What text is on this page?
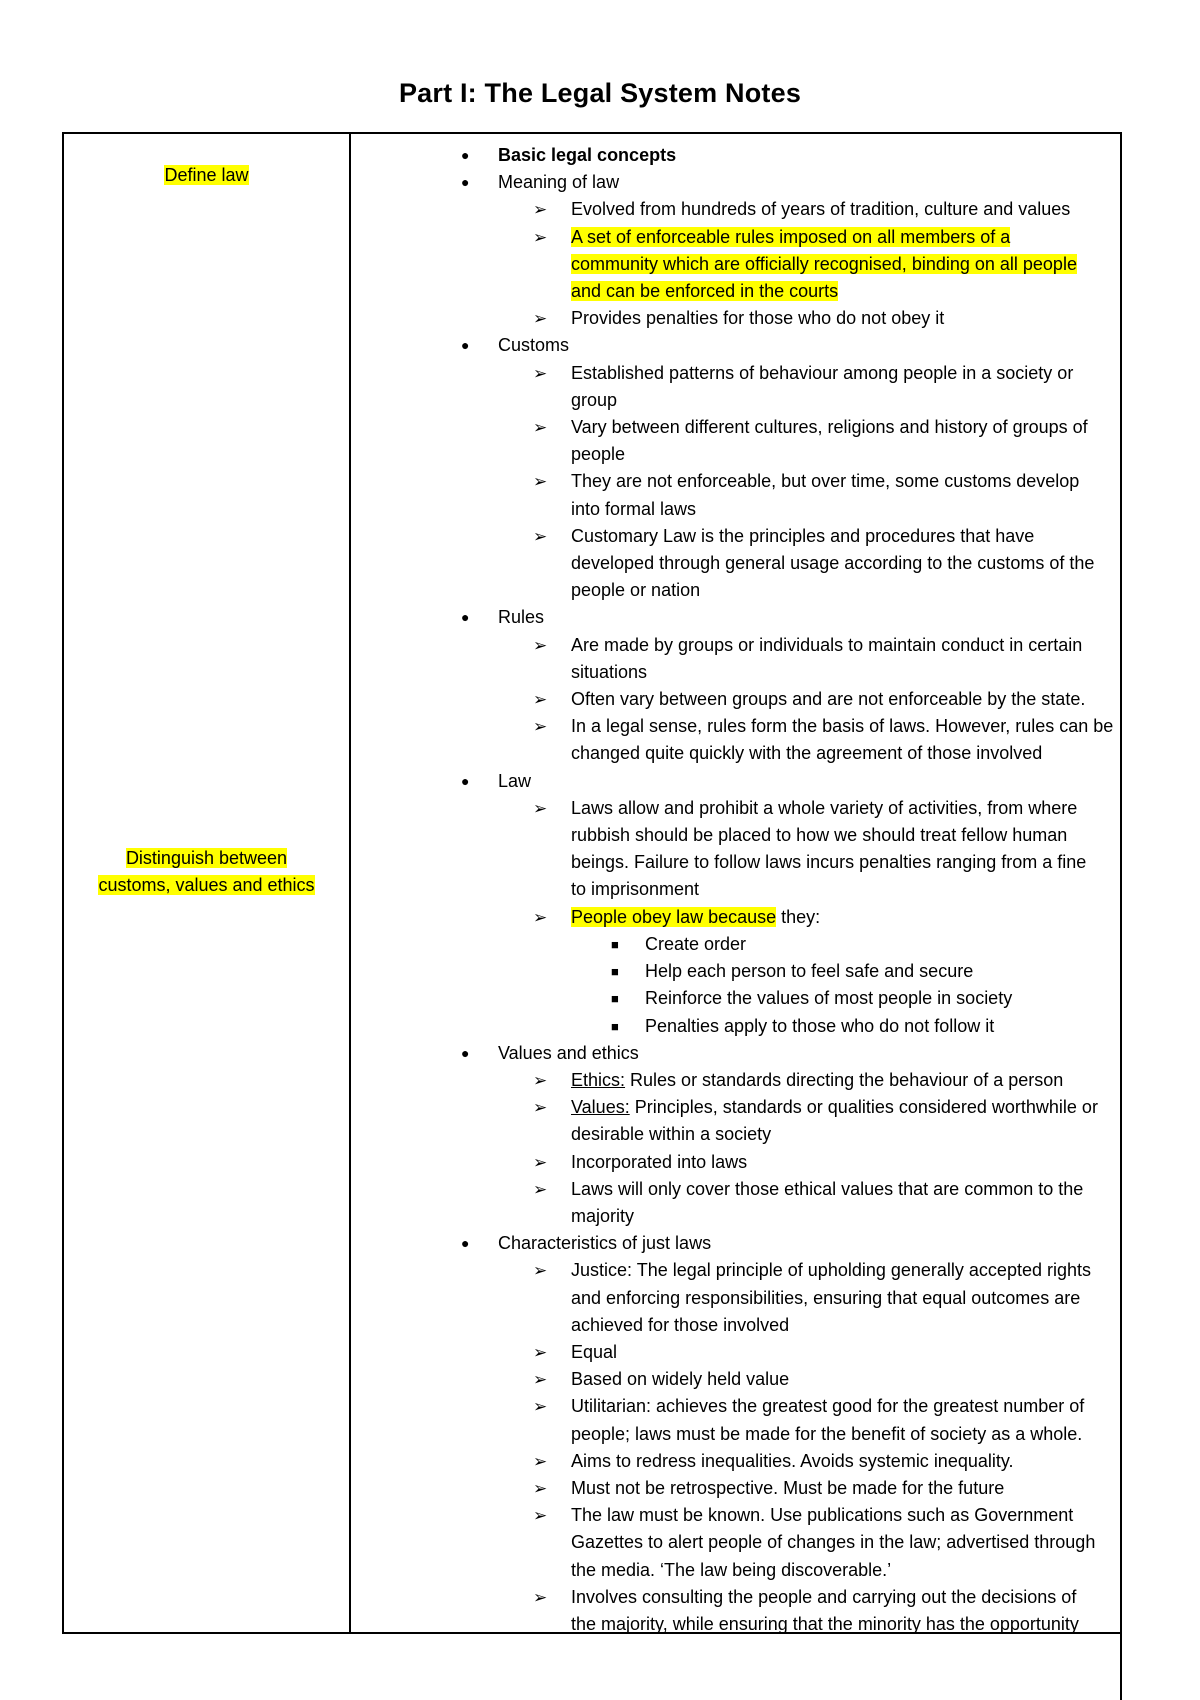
Part I: The Legal System Notes
Define law
Distinguish between
customs, values and ethics
● Basic legal concepts
● Meaning of law
➢ Evolved from hundreds of years of tradition, culture and values
➢ A set of enforceable rules imposed on all members of a
community which are officially recognised, binding on all people
and can be enforced in the courts
➢ Provides penalties for those who do not obey it
● Customs
➢ Established patterns of behaviour among people in a society or
group
➢ Vary between different cultures, religions and history of groups of
people
➢ They are not enforceable, but over time, some customs develop
into formal laws
➢ Customary Law is the principles and procedures that have
developed through general usage according to the customs of the
people or nation
● Rules
➢ Are made by groups or individuals to maintain conduct in certain
situations
➢ Often vary between groups and are not enforceable by the state.
➢ In a legal sense, rules form the basis of laws. However, rules can be
changed quite quickly with the agreement of those involved
● Law
➢ Laws allow and prohibit a whole variety of activities, from where
rubbish should be placed to how we should treat fellow human
beings. Failure to follow laws incurs penalties ranging from a fine
to imprisonment
➢ People obey law because they:
■ Create order
■ Help each person to feel safe and secure
■ Reinforce the values of most people in society
■ Penalties apply to those who do not follow it
● Values and ethics
➢ Ethics: Rules or standards directing the behaviour of a person
➢ Values: Principles, standards or qualities considered worthwhile or
desirable within a society
➢ Incorporated into laws
➢ Laws will only cover those ethical values that are common to the
majority
● Characteristics of just laws
➢ Justice: The legal principle of upholding generally accepted rights
and enforcing responsibilities, ensuring that equal outcomes are
achieved for those involved
➢ Equal
➢ Based on widely held value
➢ Utilitarian: achieves the greatest good for the greatest number of
people; laws must be made for the benefit of society as a whole.
➢ Aims to redress inequalities. Avoids systemic inequality.
➢ Must not be retrospective. Must be made for the future
➢ The law must be known. Use publications such as Government
Gazettes to alert people of changes in the law; advertised through
the media. ‘The law being discoverable.’
➢ Involves consulting the people and carrying out the decisions of
the majority, while ensuring that the minority has the opportunity
